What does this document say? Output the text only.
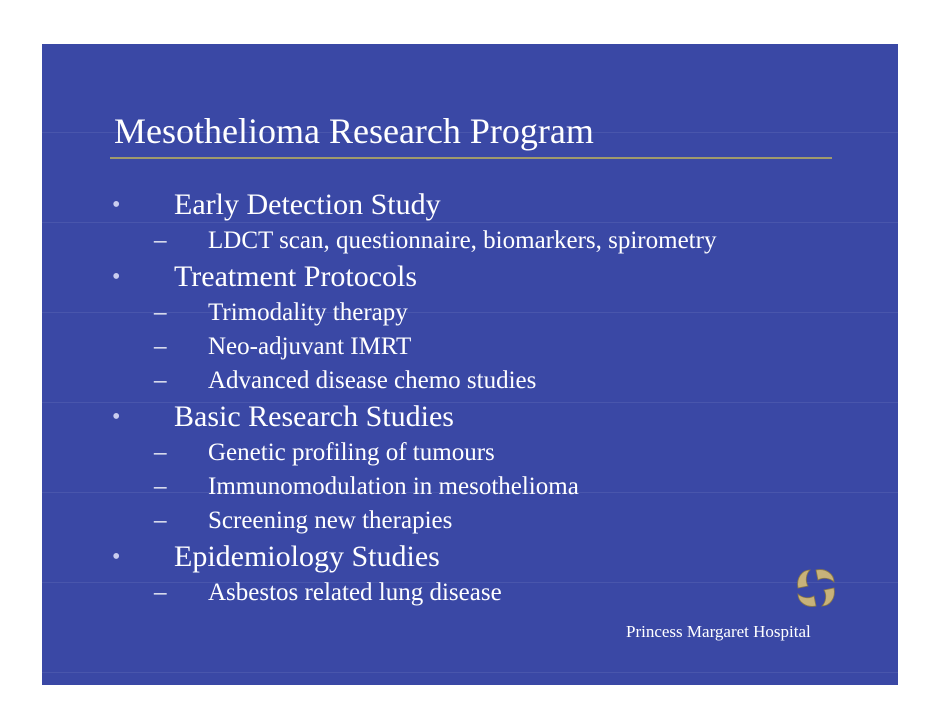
Mesothelioma Research Program
• Early Detection Study
– LDCT scan, questionnaire, biomarkers, spirometry
• Treatment Protocols
– Trimodality therapy
– Neo-adjuvant IMRT
– Advanced disease chemo studies
• Basic Research Studies
– Genetic profiling of tumours
– Immunomodulation in mesothelioma
– Screening new therapies
• Epidemiology Studies
– Asbestos related lung disease
Princess Margaret Hospital
